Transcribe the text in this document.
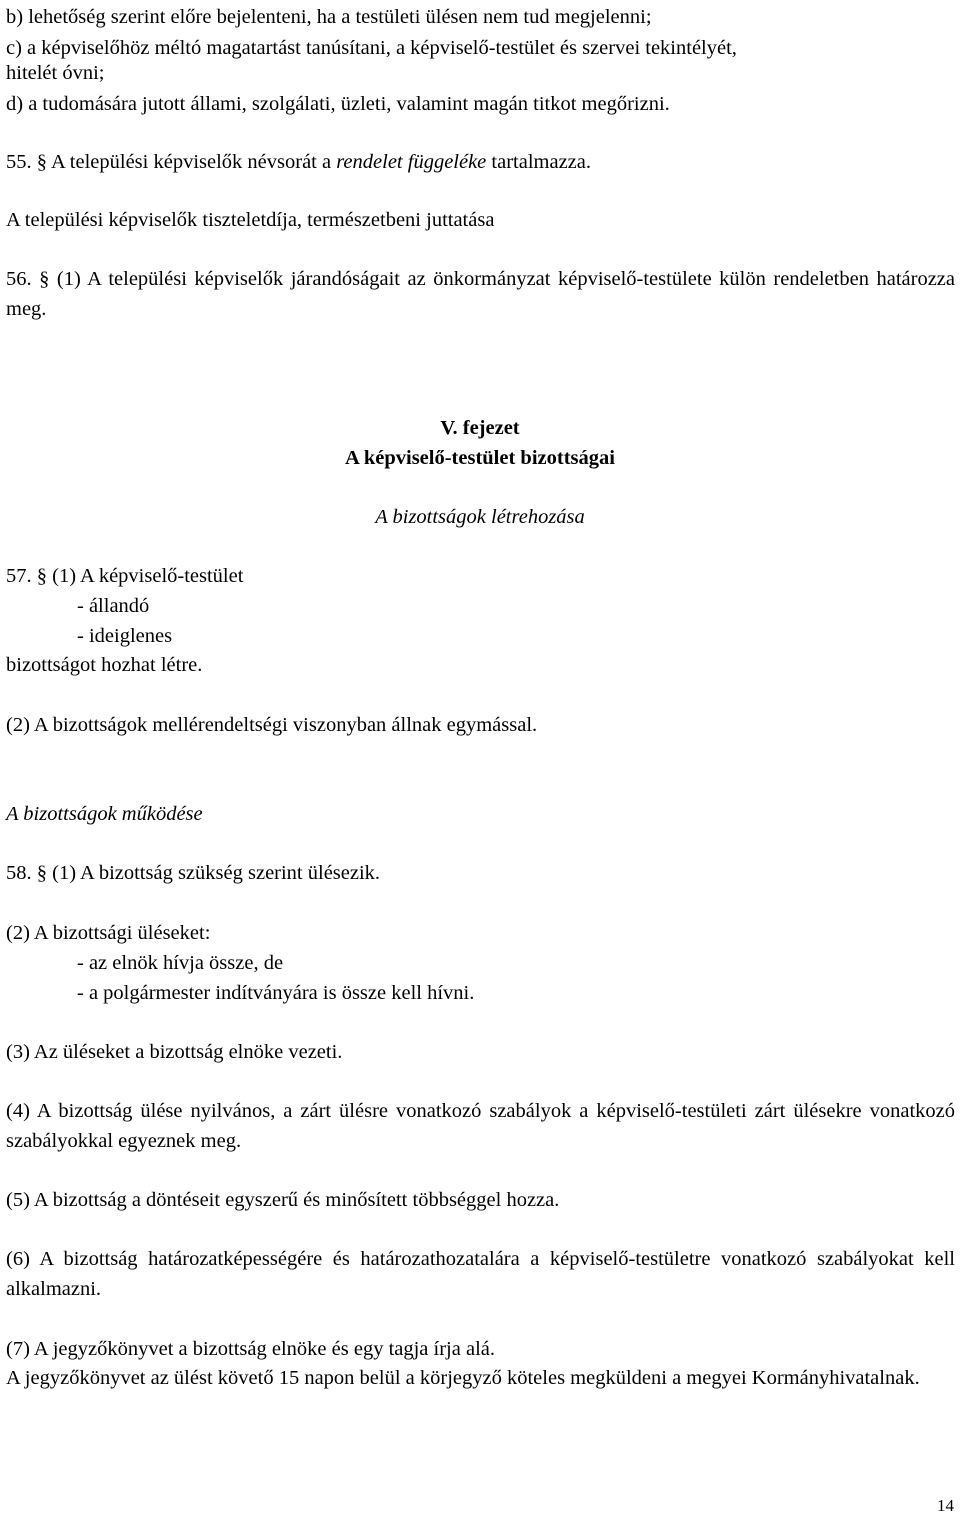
b) lehetőség szerint előre bejelenteni, ha a testületi ülésen nem tud megjelenni;
c) a képviselőhöz méltó magatartást tanúsítani, a képviselő-testület és szervei tekintélyét,
hitelét óvni;
d) a tudomására jutott állami, szolgálati, üzleti, valamint magán titkot megőrizni.
55. § A települési képviselők névsorát a rendelet függeléke tartalmazza.
A települési képviselők tiszteletdíja, természetbeni juttatása
56. § (1) A települési képviselők járandóságait az önkormányzat képviselő-testülete külön rendeletben határozza meg.
V. fejezet
A képviselő-testület bizottságai
A bizottságok létrehozása
57. § (1) A képviselő-testület
- állandó
- ideiglenes
bizottságot hozhat létre.
(2) A bizottságok mellérendeltségi viszonyban állnak egymással.
A bizottságok működése
58. § (1) A bizottság szükség szerint ülésezik.
(2) A bizottsági üléseket:
- az elnök hívja össze, de
- a polgármester indítványára is össze kell hívni.
(3) Az üléseket a bizottság elnöke vezeti.
(4) A bizottság ülése nyilvános, a zárt ülésre vonatkozó szabályok a képviselő-testületi zárt ülésekre vonatkozó szabályokkal egyeznek meg.
(5) A bizottság a döntéseit egyszerű és minősített többséggel hozza.
(6) A bizottság határozatképességére és határozathozatalára a képviselő-testületre vonatkozó szabályokat kell alkalmazni.
(7) A jegyzőkönyvet a bizottság elnöke és egy tagja írja alá.
A jegyzőkönyvet az ülést követő 15 napon belül a körjegyző köteles megküldeni a megyei Kormányhivatalnak.
14
